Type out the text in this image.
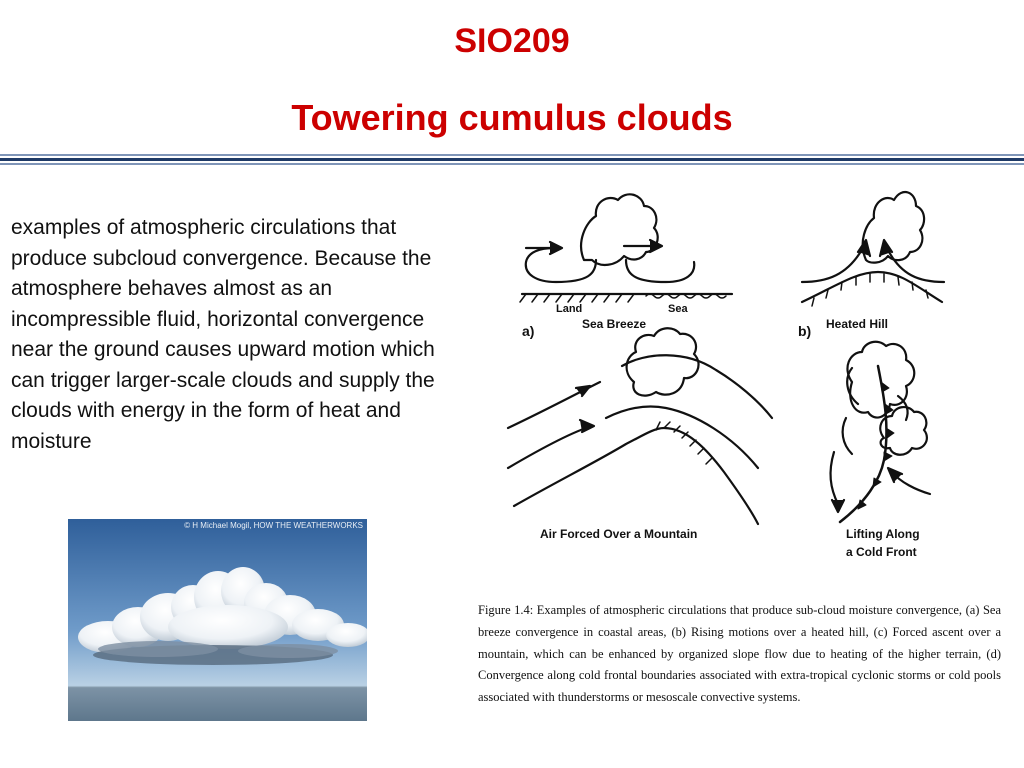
SIO209
Towering cumulus clouds
examples of atmospheric circulations that produce subcloud convergence. Because the atmosphere behaves almost as an incompressible fluid, horizontal convergence near the ground causes upward motion which can trigger larger-scale clouds and supply the clouds with energy in the form of heat and moisture
© H Michael Mogil, HOW THE WEATHERWORKS
Land	Sea
a)	Sea Breeze	b) Heated Hill
Air Forced Over a Mountain	Lifting Along
a Cold Front
Figure 1.4: Examples of atmospheric circulations that produce sub-cloud moisture convergence, (a) Sea breeze convergence in coastal areas, (b) Rising motions over a heated hill, (c) Forced ascent over a mountain, which can be enhanced by organized slope flow due to heating of the higher terrain, (d) Convergence along cold frontal boundaries associated with extra-tropical cyclonic storms or cold pools associated with thunderstorms or mesoscale convective systems.
